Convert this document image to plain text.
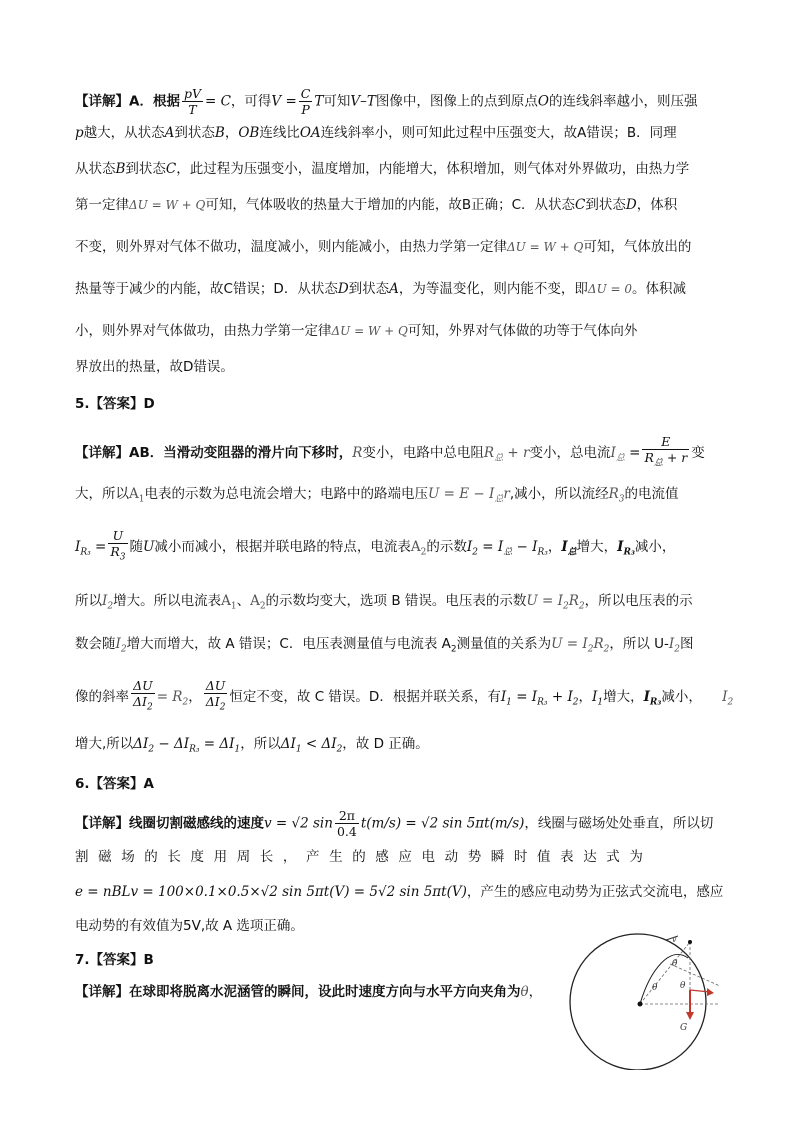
【详解】A．根据 $\frac{pV}{T} = C$，可得$V = \frac{C}{P}$ T可知V–T图像中，图像上的点到原点O的连线斜率越小，则压强
p越大，从状态A到状态B，OB连线比OA连线斜率小，则可知此过程中压强变大，故A错误；B．同理
从状态B到状态C，此过程为压强变小，温度增加，内能增大，体积增加，则气体对外界做功，由热力学
第一定律ΔU = W + Q可知，气体吸收的热量大于增加的内能，故B正确；C．从状态C到状态D，体积
不变，则外界对气体不做功，温度减小，则内能减小，由热力学第一定律ΔU = W + Q可知，气体放出的
热量等于减少的内能，故C错误；D．从状态D到状态A，为等温变化，则内能不变，即ΔU = 0。体积减
小，则外界对气体做功，由热力学第一定律ΔU = W + Q可知，外界对气体做的功等于气体向外
界放出的热量，故D错误。
5.【答案】D
【详解】AB．当滑动变阻器的滑片向下移时，R变小，电路中总电阻$R_总 + r$变小，总电流$I_总 = \frac{E}{R_总 + r}$ 变
大，所以$A_1$电表的示数为总电流会增大；电路中的路端电压$U = E - I_总r$,减小，所以流经$R_3$的电流值
$I_{R_3} = \frac{U}{R_3}$ 随U减小而减小，根据并联电路的特点，电流表$A_2$的示数$I_2 = I_总 - I_{R_3}$，$I_总$增大，$I_{R_3}$减小，
所以$I_2$增大。所以电流表$A_1$、$A_2$的示数均变大，选项 B 错误。电压表的示数$U = I_2R_2$，所以电压表的示
数会随$I_2$增大而增大，故 A 错误；C．电压表测量值与电流表 $A_2$测量值的关系为$U = I_2R_2$，所以 $U-I_2$图
像的斜率 $\frac{\Delta U}{\Delta I_2} = R_2$， $\frac{\Delta U}{\Delta I_2}$ 恒定不变，故 C 错误。D．根据并联关系，有$I_1 = I_{R_3} + I_2$，$I_1$增大，$I_{R_3}$减小， $I_2$
增大,所以$\Delta I_2 - \Delta I_{R_3} = \Delta I_1$，所以$\Delta I_1 < \Delta I_2$，故 D 正确。
6.【答案】A
【详解】线圈切割磁感线的速度v = √2 $\sin \frac{2\pi}{0.4} t(m/s) = √2$ sin 5πt(m/s)，线圈与磁场处处垂直，所以切
割磁场的长度用周长，产生的感应电动势瞬时值表达式为
e = nBLv = 100×0.1×0.5×√2 sin 5πt(V) = 5√2 sin 5πt(V)，产生的感应电动势为正弦式交流电，感应
电动势的有效值为5V,故 A 选项正确。
7.【答案】B
【详解】在球即将脱离水泥涵管的瞬间，设此时速度方向与水平方向夹角为θ，
v
θ
θ	θ
G
